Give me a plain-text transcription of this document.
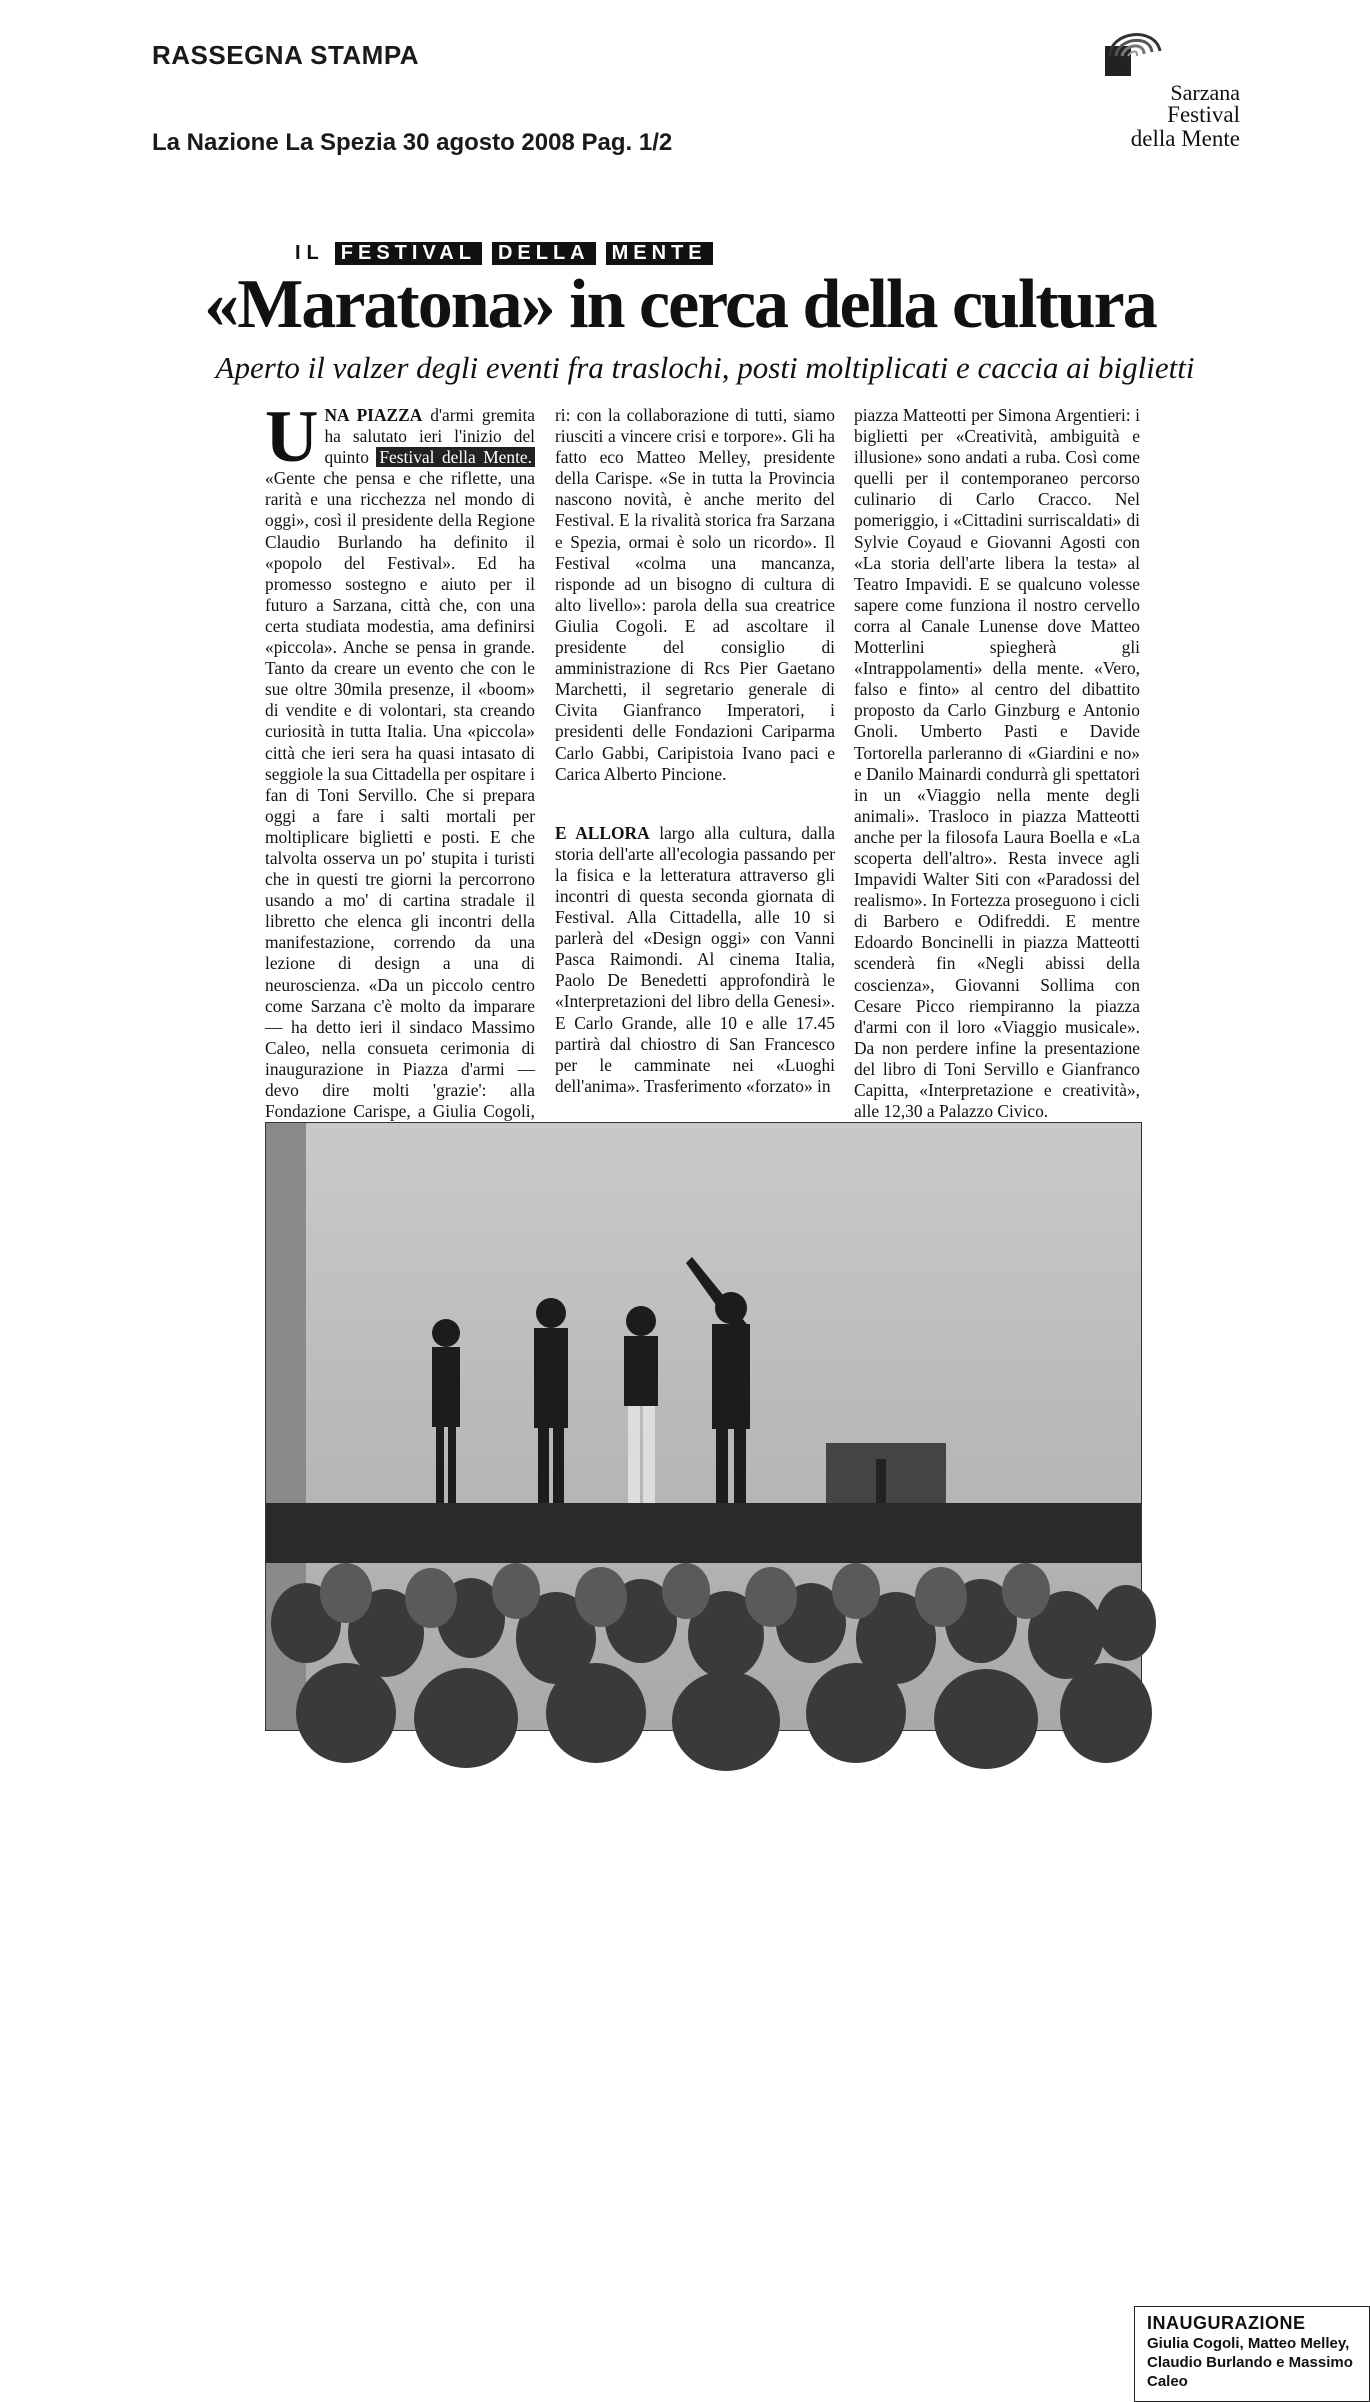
RASSEGNA STAMPA
La Nazione La Spezia 30 agosto 2008 Pag. 1/2
Sarzana
Festival
della Mente
IL FESTIVAL	DELLA	MENTE
«Maratona» in cerca della cultura
Aperto il valzer degli eventi fra traslochi, posti moltiplicati e caccia ai biglietti

UNA PIAZZA d'armi gremita ha salutato ieri l'inizio del quinto Festival della Mente. «Gente che pensa e che riflette, una rarità e una ricchezza nel mondo di oggi», così il presidente della Regione Claudio Burlando ha definito il «popolo del Festival». Ed ha promesso sostegno e aiuto per il futuro a Sarzana, città che, con una certa studiata modestia, ama definirsi «piccola». Anche se pensa in grande. Tanto da creare un evento che con le sue oltre 30mila presenze, il «boom» di vendite e di volontari, sta creando curiosità in tutta Italia. Una «piccola» città che ieri sera ha quasi intasato di seggiole la sua Cittadella per ospitare i fan di Toni Servillo. Che si prepara oggi a fare i salti mortali per moltiplicare biglietti e posti. E che talvolta osserva un po' stupita i turisti che in questi tre giorni la percorrono usando a mo' di cartina stradale il libretto che elenca gli incontri della manifestazione, correndo da una lezione di design a una di neuroscienza. «Da un piccolo centro come Sarzana c'è molto da imparare — ha detto ieri il sindaco Massimo Caleo, nella consueta cerimonia di inaugurazione in Piazza d'armi — devo dire molti 'grazie': alla Fondazione Carispe, a Giulia Cogoli,

ri: con la collaborazione di tutti, siamo riusciti a vincere crisi e torpore». Gli ha fatto eco Matteo Melley, presidente della Carispe. «Se in tutta la Provincia nascono novità, è anche merito del Festival. E la rivalità storica fra Sarzana e Spezia, ormai è solo un ricordo». Il Festival «colma una mancanza, risponde ad un bisogno di cultura di alto livello»: parola della sua creatrice Giulia Cogoli. E ad ascoltare il presidente del consiglio di amministrazione di Rcs Pier Gaetano Marchetti, il segretario generale di Civita Gianfranco Imperatori, i presidenti delle Fondazioni Cariparma Carlo Gabbi, Caripistoia Ivano paci e Carica Alberto Pincione.

E ALLORA largo alla cultura, dalla storia dell'arte all'ecologia passando per la fisica e la letteratura attraverso gli incontri di questa seconda giornata di Festival. Alla Cittadella, alle 10 si parlerà del «Design oggi» con Vanni Pasca Raimondi. Al cinema Italia, Paolo De Benedetti approfondirà le «Interpretazioni del libro della Genesi». E Carlo Grande, alle 10 e alle 17.45 partirà dal chiostro di San Francesco per le camminate nei «Luoghi dell'anima». Trasferimento «forzato» in

piazza Matteotti per Simona Argentieri: i biglietti per «Creatività, ambiguità e illusione» sono andati a ruba. Così come quelli per il contemporaneo percorso culinario di Carlo Cracco. Nel pomeriggio, i «Cittadini surriscaldati» di Sylvie Coyaud e Giovanni Agosti con «La storia dell'arte libera la testa» al Teatro Impavidi. E se qualcuno volesse sapere come funziona il nostro cervello corra al Canale Lunense dove Matteo Motterlini spiegherà gli «Intrappolamenti» della mente. «Vero, falso e finto» al centro del dibattito proposto da Carlo Ginzburg e Antonio Gnoli. Umberto Pasti e Davide Tortorella parleranno di «Giardini e no» e Danilo Mainardi condurrà gli spettatori in un «Viaggio nella mente degli animali». Trasloco in piazza Matteotti anche per la filosofa Laura Boella e «La scoperta dell'altro». Resta invece agli Impavidi Walter Siti con «Paradossi del realismo». In Fortezza proseguono i cicli di Barbero e Odifreddi. E mentre Edoardo Boncinelli in piazza Matteotti scenderà fin «Negli abissi della coscienza», Giovanni Sollima con Cesare Picco riempiranno la piazza d'armi con il loro «Viaggio musicale». Da non perdere infine la presentazione del libro di Toni Servillo e Gianfranco Capitta, «Interpretazione e creatività», alle 12,30 a Palazzo Civico.

INAUGURAZIONE
Giulia Cogoli, Matteo Melley, Claudio Burlando e Massimo Caleo
